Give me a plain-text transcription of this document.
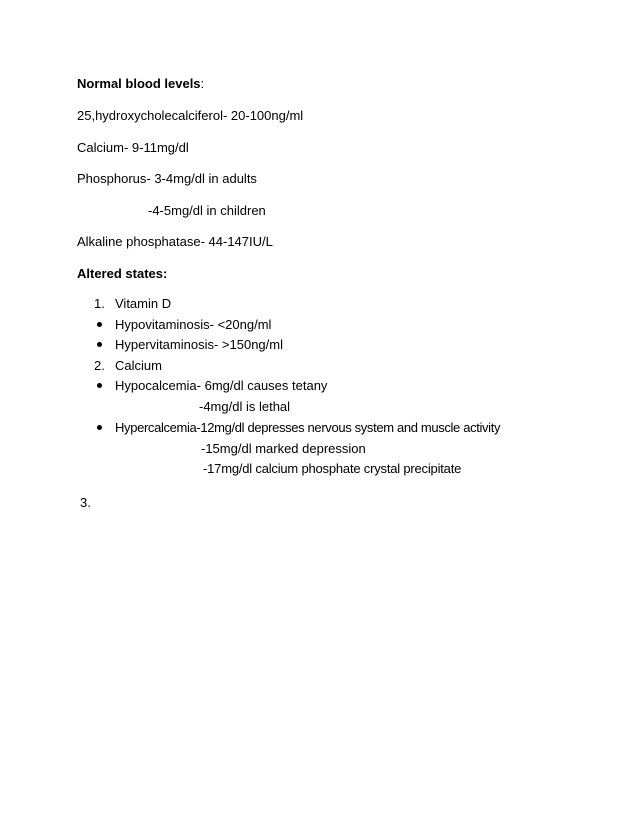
Normal blood levels:
25,hydroxycholecalciferol- 20-100ng/ml
Calcium- 9-11mg/dl
Phosphorus- 3-4mg/dl in adults
-4-5mg/dl in children
Alkaline phosphatase- 44-147IU/L
Altered states:
1. Vitamin D
Hypovitaminosis- <20ng/ml
Hypervitaminosis- >150ng/ml
2. Calcium
Hypocalcemia- 6mg/dl causes tetany
-4mg/dl is lethal
Hypercalcemia-12mg/dl depresses nervous system and muscle activity
-15mg/dl marked depression
-17mg/dl calcium phosphate crystal precipitate
3.
